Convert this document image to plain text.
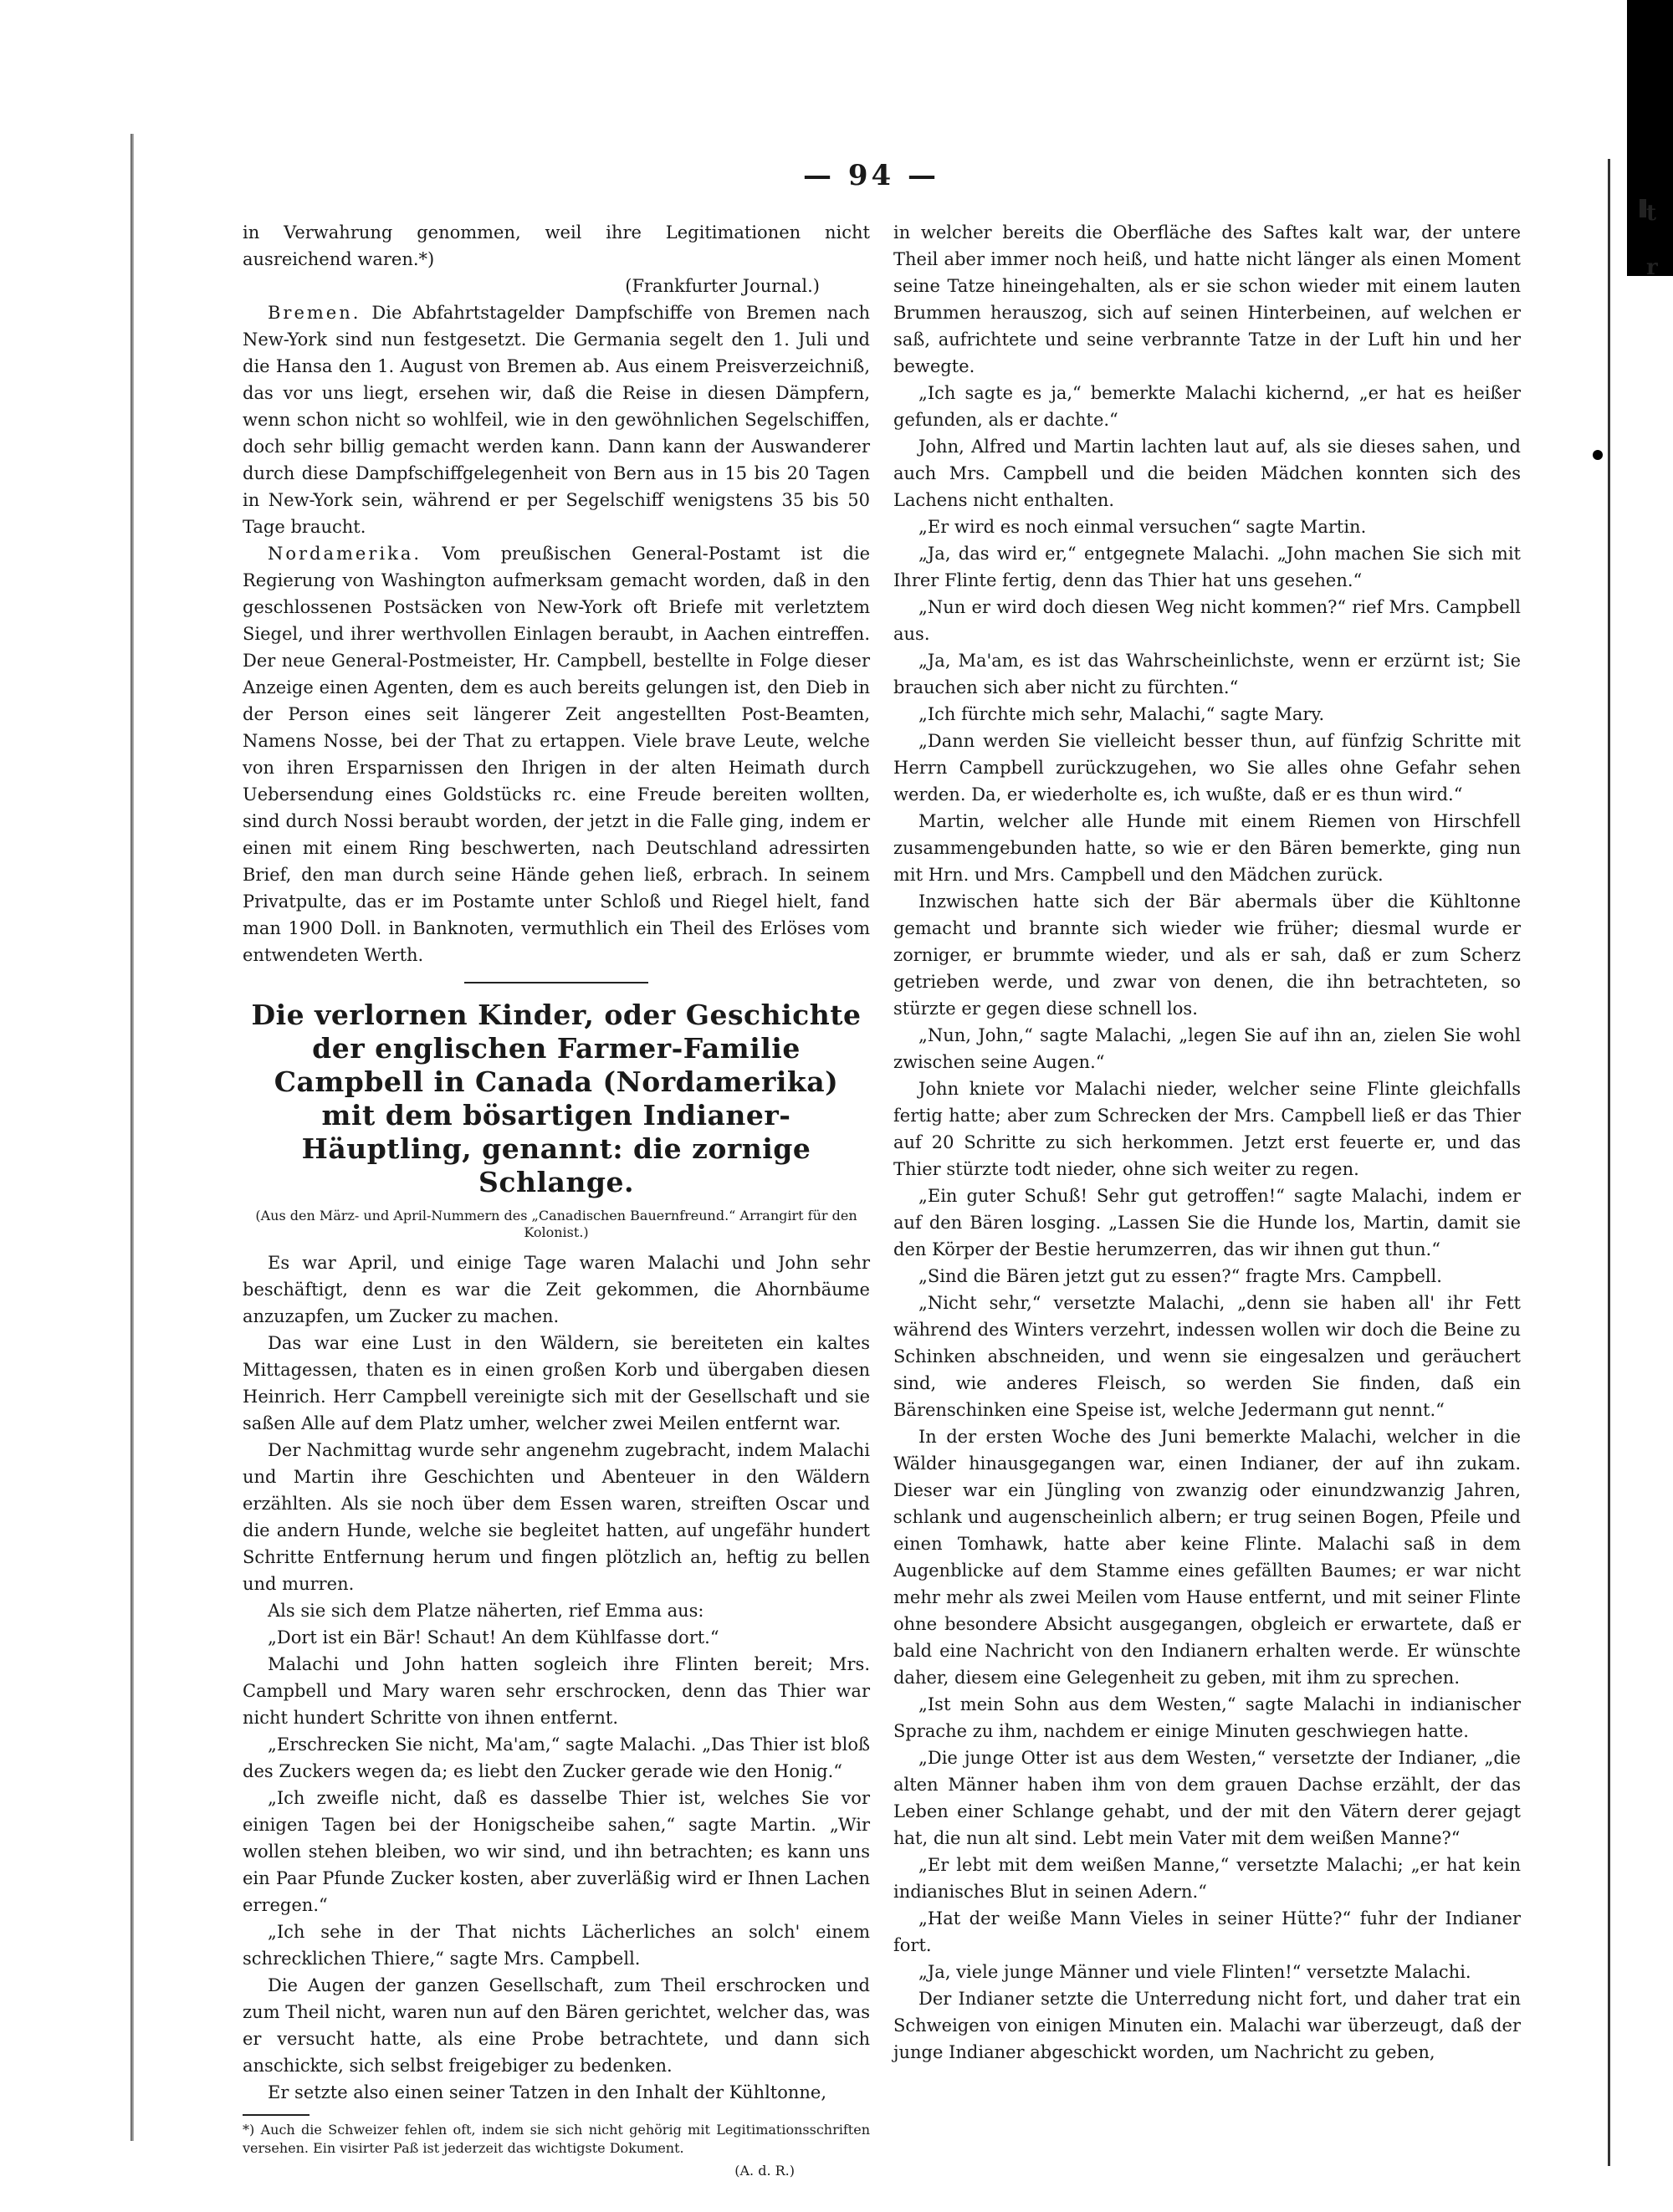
t
r
— 94 —

in Verwahrung genommen, weil ihre Legitimationen nicht ausreichend waren.*)

(Frankfurter Journal.)

Bremen. Die Abfahrtstagelder Dampfschiffe von Bremen nach New-York sind nun festgesetzt. Die Germania segelt den 1. Juli und die Hansa den 1. August von Bremen ab. Aus einem Preisverzeichniß, das vor uns liegt, ersehen wir, daß die Reise in diesen Dämpfern, wenn schon nicht so wohlfeil, wie in den gewöhnlichen Segelschiffen, doch sehr billig gemacht werden kann. Dann kann der Auswanderer durch diese Dampfschiffgelegenheit von Bern aus in 15 bis 20 Tagen in New-York sein, während er per Segelschiff wenigstens 35 bis 50 Tage braucht.

Nordamerika. Vom preußischen General-Postamt ist die Regierung von Washington aufmerksam gemacht worden, daß in den geschlossenen Postsäcken von New-York oft Briefe mit verletztem Siegel, und ihrer werthvollen Einlagen beraubt, in Aachen eintreffen. Der neue General-Postmeister, Hr. Campbell, bestellte in Folge dieser Anzeige einen Agenten, dem es auch bereits gelungen ist, den Dieb in der Person eines seit längerer Zeit angestellten Post-Beamten, Namens Nosse, bei der That zu ertappen. Viele brave Leute, welche von ihren Ersparnissen den Ihrigen in der alten Heimath durch Uebersendung eines Goldstücks rc. eine Freude bereiten wollten, sind durch Nossi beraubt worden, der jetzt in die Falle ging, indem er einen mit einem Ring beschwerten, nach Deutschland adressirten Brief, den man durch seine Hände gehen ließ, erbrach. In seinem Privatpulte, das er im Postamte unter Schloß und Riegel hielt, fand man 1900 Doll. in Banknoten, vermuthlich ein Theil des Erlöses vom entwendeten Werth.

Die verlornen Kinder, oder Geschichte der englischen Farmer-Familie Campbell in Canada (Nordamerika) mit dem bösartigen Indianer-Häuptling, genannt: die zornige Schlange.
(Aus den März- und April-Nummern des „Canadischen Bauernfreund.“ Arrangirt für den Kolonist.)

Es war April, und einige Tage waren Malachi und John sehr beschäftigt, denn es war die Zeit gekommen, die Ahornbäume anzuzapfen, um Zucker zu machen.

Das war eine Lust in den Wäldern, sie bereiteten ein kaltes Mittagessen, thaten es in einen großen Korb und übergaben diesen Heinrich. Herr Campbell vereinigte sich mit der Gesellschaft und sie saßen Alle auf dem Platz umher, welcher zwei Meilen entfernt war.

Der Nachmittag wurde sehr angenehm zugebracht, indem Malachi und Martin ihre Geschichten und Abenteuer in den Wäldern erzählten. Als sie noch über dem Essen waren, streiften Oscar und die andern Hunde, welche sie begleitet hatten, auf ungefähr hundert Schritte Entfernung herum und fingen plötzlich an, heftig zu bellen und murren.

Als sie sich dem Platze näherten, rief Emma aus:

„Dort ist ein Bär! Schaut! An dem Kühlfasse dort.“

Malachi und John hatten sogleich ihre Flinten bereit; Mrs. Campbell und Mary waren sehr erschrocken, denn das Thier war nicht hundert Schritte von ihnen entfernt.

„Erschrecken Sie nicht, Ma'am,“ sagte Malachi. „Das Thier ist bloß des Zuckers wegen da; es liebt den Zucker gerade wie den Honig.“

„Ich zweifle nicht, daß es dasselbe Thier ist, welches Sie vor einigen Tagen bei der Honigscheibe sahen,“ sagte Martin. „Wir wollen stehen bleiben, wo wir sind, und ihn betrachten; es kann uns ein Paar Pfunde Zucker kosten, aber zuverläßig wird er Ihnen Lachen erregen.“

„Ich sehe in der That nichts Lächerliches an solch' einem schrecklichen Thiere,“ sagte Mrs. Campbell.

Die Augen der ganzen Gesellschaft, zum Theil erschrocken und zum Theil nicht, waren nun auf den Bären gerichtet, welcher das, was er versucht hatte, als eine Probe betrachtete, und dann sich anschickte, sich selbst freigebiger zu bedenken.

Er setzte also einen seiner Tatzen in den Inhalt der Kühltonne,

*) Auch die Schweizer fehlen oft, indem sie sich nicht gehörig mit Legitimationsschriften versehen. Ein visirter Paß ist jederzeit das wichtigste Dokument.
(A. d. R.)

in welcher bereits die Oberfläche des Saftes kalt war, der untere Theil aber immer noch heiß, und hatte nicht länger als einen Moment seine Tatze hineingehalten, als er sie schon wieder mit einem lauten Brummen herauszog, sich auf seinen Hinterbeinen, auf welchen er saß, aufrichtete und seine verbrannte Tatze in der Luft hin und her bewegte.

„Ich sagte es ja,“ bemerkte Malachi kichernd, „er hat es heißer gefunden, als er dachte.“

John, Alfred und Martin lachten laut auf, als sie dieses sahen, und auch Mrs. Campbell und die beiden Mädchen konnten sich des Lachens nicht enthalten.

„Er wird es noch einmal versuchen“ sagte Martin.

„Ja, das wird er,“ entgegnete Malachi. „John machen Sie sich mit Ihrer Flinte fertig, denn das Thier hat uns gesehen.“

„Nun er wird doch diesen Weg nicht kommen?“ rief Mrs. Campbell aus.

„Ja, Ma'am, es ist das Wahrscheinlichste, wenn er erzürnt ist; Sie brauchen sich aber nicht zu fürchten.“

„Ich fürchte mich sehr, Malachi,“ sagte Mary.

„Dann werden Sie vielleicht besser thun, auf fünfzig Schritte mit Herrn Campbell zurückzugehen, wo Sie alles ohne Gefahr sehen werden. Da, er wiederholte es, ich wußte, daß er es thun wird.“

Martin, welcher alle Hunde mit einem Riemen von Hirschfell zusammengebunden hatte, so wie er den Bären bemerkte, ging nun mit Hrn. und Mrs. Campbell und den Mädchen zurück.

Inzwischen hatte sich der Bär abermals über die Kühltonne gemacht und brannte sich wieder wie früher; diesmal wurde er zorniger, er brummte wieder, und als er sah, daß er zum Scherz getrieben werde, und zwar von denen, die ihn betrachteten, so stürzte er gegen diese schnell los.

„Nun, John,“ sagte Malachi, „legen Sie auf ihn an, zielen Sie wohl zwischen seine Augen.“

John kniete vor Malachi nieder, welcher seine Flinte gleichfalls fertig hatte; aber zum Schrecken der Mrs. Campbell ließ er das Thier auf 20 Schritte zu sich herkommen. Jetzt erst feuerte er, und das Thier stürzte todt nieder, ohne sich weiter zu regen.

„Ein guter Schuß! Sehr gut getroffen!“ sagte Malachi, indem er auf den Bären losging. „Lassen Sie die Hunde los, Martin, damit sie den Körper der Bestie herumzerren, das wir ihnen gut thun.“

„Sind die Bären jetzt gut zu essen?“ fragte Mrs. Campbell.

„Nicht sehr,“ versetzte Malachi, „denn sie haben all' ihr Fett während des Winters verzehrt, indessen wollen wir doch die Beine zu Schinken abschneiden, und wenn sie eingesalzen und geräuchert sind, wie anderes Fleisch, so werden Sie finden, daß ein Bärenschinken eine Speise ist, welche Jedermann gut nennt.“

In der ersten Woche des Juni bemerkte Malachi, welcher in die Wälder hinausgegangen war, einen Indianer, der auf ihn zukam. Dieser war ein Jüngling von zwanzig oder einundzwanzig Jahren, schlank und augenscheinlich albern; er trug seinen Bogen, Pfeile und einen Tomhawk, hatte aber keine Flinte. Malachi saß in dem Augenblicke auf dem Stamme eines gefällten Baumes; er war nicht mehr mehr als zwei Meilen vom Hause entfernt, und mit seiner Flinte ohne besondere Absicht ausgegangen, obgleich er erwartete, daß er bald eine Nachricht von den Indianern erhalten werde. Er wünschte daher, diesem eine Gelegenheit zu geben, mit ihm zu sprechen.

„Ist mein Sohn aus dem Westen,“ sagte Malachi in indianischer Sprache zu ihm, nachdem er einige Minuten geschwiegen hatte.

„Die junge Otter ist aus dem Westen,“ versetzte der Indianer, „die alten Männer haben ihm von dem grauen Dachse erzählt, der das Leben einer Schlange gehabt, und der mit den Vätern derer gejagt hat, die nun alt sind. Lebt mein Vater mit dem weißen Manne?“

„Er lebt mit dem weißen Manne,“ versetzte Malachi; „er hat kein indianisches Blut in seinen Adern.“

„Hat der weiße Mann Vieles in seiner Hütte?“ fuhr der Indianer fort.

„Ja, viele junge Männer und viele Flinten!“ versetzte Malachi.

Der Indianer setzte die Unterredung nicht fort, und daher trat ein Schweigen von einigen Minuten ein. Malachi war überzeugt, daß der junge Indianer abgeschickt worden, um Nachricht zu geben,
